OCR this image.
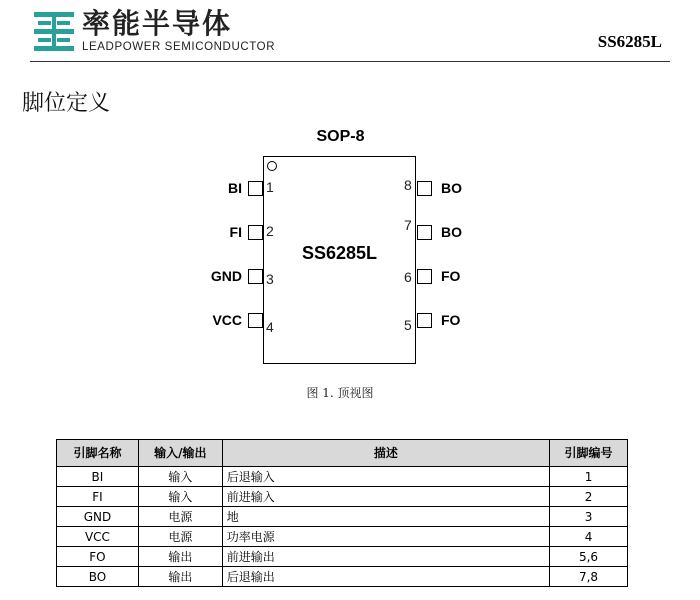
率能半导体
LEADPOWER SEMICONDUCTOR	SS6285L
脚位定义
SOP-8
SS6285L
1
BI
2
FI
3
GND
4
VCC
8 BO
7 BO
6 FO
5 FO
图 1. 顶视图
引脚名称	输入/输出	描述	引脚编号
BI	输入	后退输入	1
FI	输入	前进输入	2
GND	电源	地	3
VCC	电源	功率电源	4
FO	输出	前进输出	5,6
BO	输出	后退输出	7,8
